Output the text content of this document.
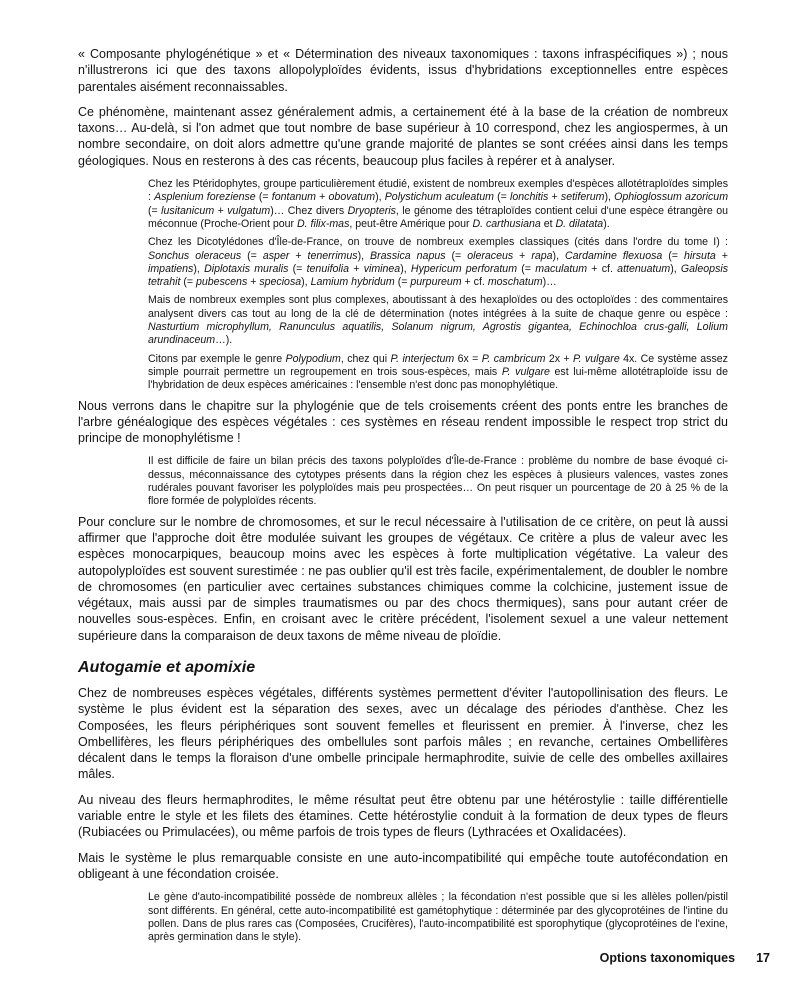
« Composante phylogénétique » et « Détermination des niveaux taxonomiques : taxons infraspécifiques ») ; nous n'illustrerons ici que des taxons allopolyploïdes évidents, issus d'hybridations exceptionnelles entre espèces parentales aisément reconnaissables.

Ce phénomène, maintenant assez généralement admis, a certainement été à la base de la création de nombreux taxons… Au-delà, si l'on admet que tout nombre de base supérieur à 10 correspond, chez les angiospermes, à un nombre secondaire, on doit alors admettre qu'une grande majorité de plantes se sont créées ainsi dans les temps géologiques. Nous en resterons à des cas récents, beaucoup plus faciles à repérer et à analyser.

Chez les Ptéridophytes, groupe particulièrement étudié, existent de nombreux exemples d'espèces allotétraploïdes simples : Asplenium foreziense (= fontanum + obovatum), Polystichum aculeatum (= lonchitis + setiferum), Ophioglossum azoricum (= lusitanicum + vulgatum)… Chez divers Dryopteris, le génome des tétraploïdes contient celui d'une espèce étrangère ou méconnue (Proche-Orient pour D. filix-mas, peut-être Amérique pour D. carthusiana et D. dilatata).

Chez les Dicotylédones d'Île-de-France, on trouve de nombreux exemples classiques (cités dans l'ordre du tome I) : Sonchus oleraceus (= asper + tenerrimus), Brassica napus (= oleraceus + rapa), Cardamine flexuosa (= hirsuta + impatiens), Diplotaxis muralis (= tenuifolia + viminea), Hypericum perforatum (= maculatum + cf. attenuatum), Galeopsis tetrahit (= pubescens + speciosa), Lamium hybridum (= purpureum + cf. moschatum)…

Mais de nombreux exemples sont plus complexes, aboutissant à des hexaploïdes ou des octoploïdes : des commentaires analysent divers cas tout au long de la clé de détermination (notes intégrées à la suite de chaque genre ou espèce : Nasturtium microphyllum, Ranunculus aquatilis, Solanum nigrum, Agrostis gigantea, Echinochloa crus-galli, Lolium arundinaceum…).

Citons par exemple le genre Polypodium, chez qui P. interjectum 6x = P. cambricum 2x + P. vulgare 4x. Ce système assez simple pourrait permettre un regroupement en trois sous-espèces, mais P. vulgare est lui-même allotétraploïde issu de l'hybridation de deux espèces américaines : l'ensemble n'est donc pas monophylétique.

Nous verrons dans le chapitre sur la phylogénie que de tels croisements créent des ponts entre les branches de l'arbre généalogique des espèces végétales : ces systèmes en réseau rendent impossible le respect trop strict du principe de monophylétisme !

Il est difficile de faire un bilan précis des taxons polyploïdes d'Île-de-France : problème du nombre de base évoqué ci-dessus, méconnaissance des cytotypes présents dans la région chez les espèces à plusieurs valences, vastes zones rudérales pouvant favoriser les polyploïdes mais peu prospectées… On peut risquer un pourcentage de 20 à 25 % de la flore formée de polyploïdes récents.

Pour conclure sur le nombre de chromosomes, et sur le recul nécessaire à l'utilisation de ce critère, on peut là aussi affirmer que l'approche doit être modulée suivant les groupes de végétaux. Ce critère a plus de valeur avec les espèces monocarpiques, beaucoup moins avec les espèces à forte multiplication végétative. La valeur des autopolyploïdes est souvent surestimée : ne pas oublier qu'il est très facile, expérimentalement, de doubler le nombre de chromosomes (en particulier avec certaines substances chimiques comme la colchicine, justement issue de végétaux, mais aussi par de simples traumatismes ou par des chocs thermiques), sans pour autant créer de nouvelles sous-espèces. Enfin, en croisant avec le critère précédent, l'isolement sexuel a une valeur nettement supérieure dans la comparaison de deux taxons de même niveau de ploïdie.

Autogamie et apomixie

Chez de nombreuses espèces végétales, différents systèmes permettent d'éviter l'autopollinisation des fleurs. Le système le plus évident est la séparation des sexes, avec un décalage des périodes d'anthèse. Chez les Composées, les fleurs périphériques sont souvent femelles et fleurissent en premier. À l'inverse, chez les Ombellifères, les fleurs périphériques des ombellules sont parfois mâles ; en revanche, certaines Ombellifères décalent dans le temps la floraison d'une ombelle principale hermaphrodite, suivie de celle des ombelles axillaires mâles.

Au niveau des fleurs hermaphrodites, le même résultat peut être obtenu par une hétérostylie : taille différentielle variable entre le style et les filets des étamines. Cette hétérostylie conduit à la formation de deux types de fleurs (Rubiacées ou Primulacées), ou même parfois de trois types de fleurs (Lythracées et Oxalidacées).

Mais le système le plus remarquable consiste en une auto-incompatibilité qui empêche toute autofécondation en obligeant à une fécondation croisée.

Le gène d'auto-incompatibilité possède de nombreux allèles ; la fécondation n'est possible que si les allèles pollen/pistil sont différents. En général, cette auto-incompatibilité est gamétophytique : déterminée par des glycoprotéines de l'intine du pollen. Dans de plus rares cas (Composées, Crucifères), l'auto-incompatibilité est sporophytique (glycoprotéines de l'exine, après germination dans le style).

Options taxonomiques 17
